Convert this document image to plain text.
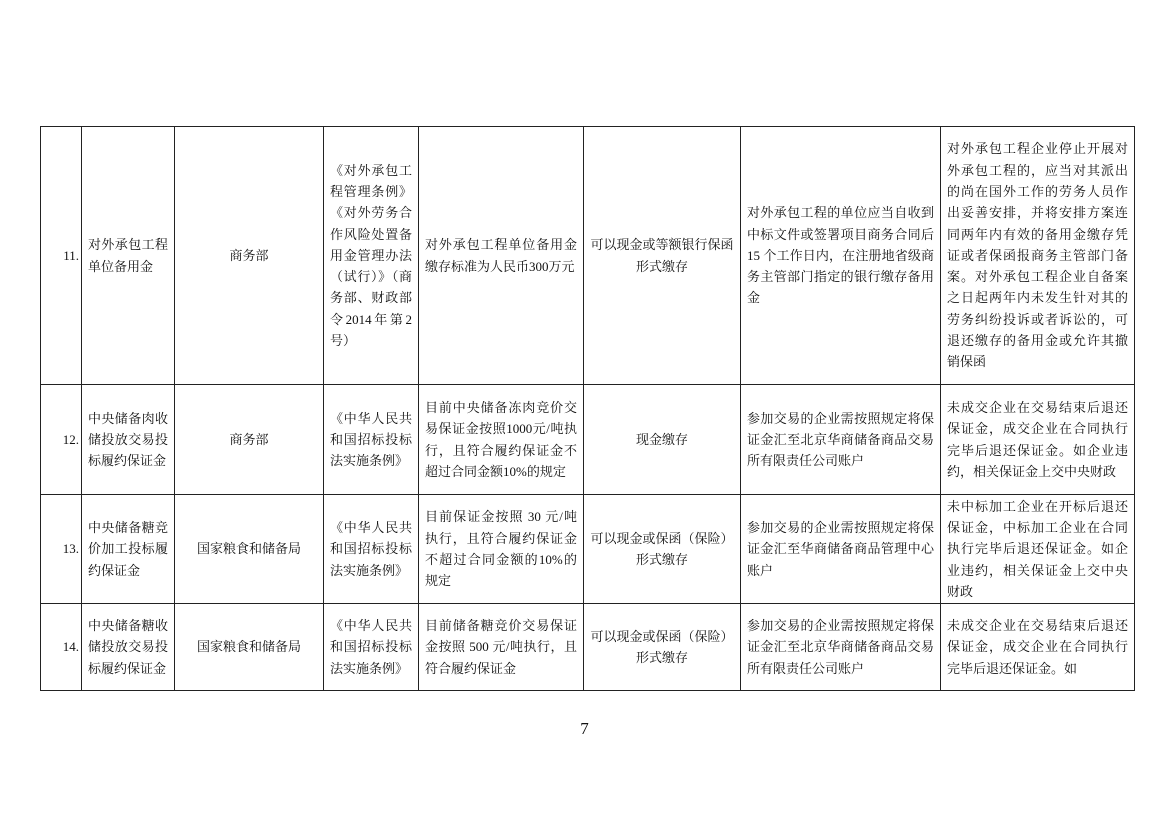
11.	对外承包工程单位备用金	商务部	《对外承包工程管理条例》《对外劳务合作风险处置备用金管理办法（试行）》（商务部、财政部令2014年第2号）	对外承包工程单位备用金缴存标准为人民币300万元	可以现金或等额银行保函形式缴存	对外承包工程的单位应当自收到中标文件或签署项目商务合同后 15 个工作日内，在注册地省级商务主管部门指定的银行缴存备用金	对外承包工程企业停止开展对外承包工程的，应当对其派出的尚在国外工作的劳务人员作出妥善安排，并将安排方案连同两年内有效的备用金缴存凭证或者保函报商务主管部门备案。对外承包工程企业自备案之日起两年内未发生针对其的劳务纠纷投诉或者诉讼的，可退还缴存的备用金或允许其撤销保函
12.	中央储备肉收储投放交易投标履约保证金	商务部	《中华人民共和国招标投标法实施条例》	目前中央储备冻肉竞价交易保证金按照1000元/吨执行，且符合履约保证金不超过合同金额10%的规定	现金缴存	参加交易的企业需按照规定将保证金汇至北京华商储备商品交易所有限责任公司账户	未成交企业在交易结束后退还保证金，成交企业在合同执行完毕后退还保证金。如企业违约，相关保证金上交中央财政
13.	中央储备糖竞价加工投标履约保证金	国家粮食和储备局	《中华人民共和国招标投标法实施条例》	目前保证金按照 30 元/吨执行，且符合履约保证金不超过合同金额的10%的规定	可以现金或保函（保险）形式缴存	参加交易的企业需按照规定将保证金汇至华商储备商品管理中心账户	未中标加工企业在开标后退还保证金，中标加工企业在合同执行完毕后退还保证金。如企业违约，相关保证金上交中央财政
14.	中央储备糖收储投放交易投标履约保证金	国家粮食和储备局	《中华人民共和国招标投标法实施条例》	目前储备糖竞价交易保证金按照 500 元/吨执行，且符合履约保证金	可以现金或保函（保险）形式缴存	参加交易的企业需按照规定将保证金汇至北京华商储备商品交易所有限责任公司账户	未成交企业在交易结束后退还保证金，成交企业在合同执行完毕后退还保证金。如
7
